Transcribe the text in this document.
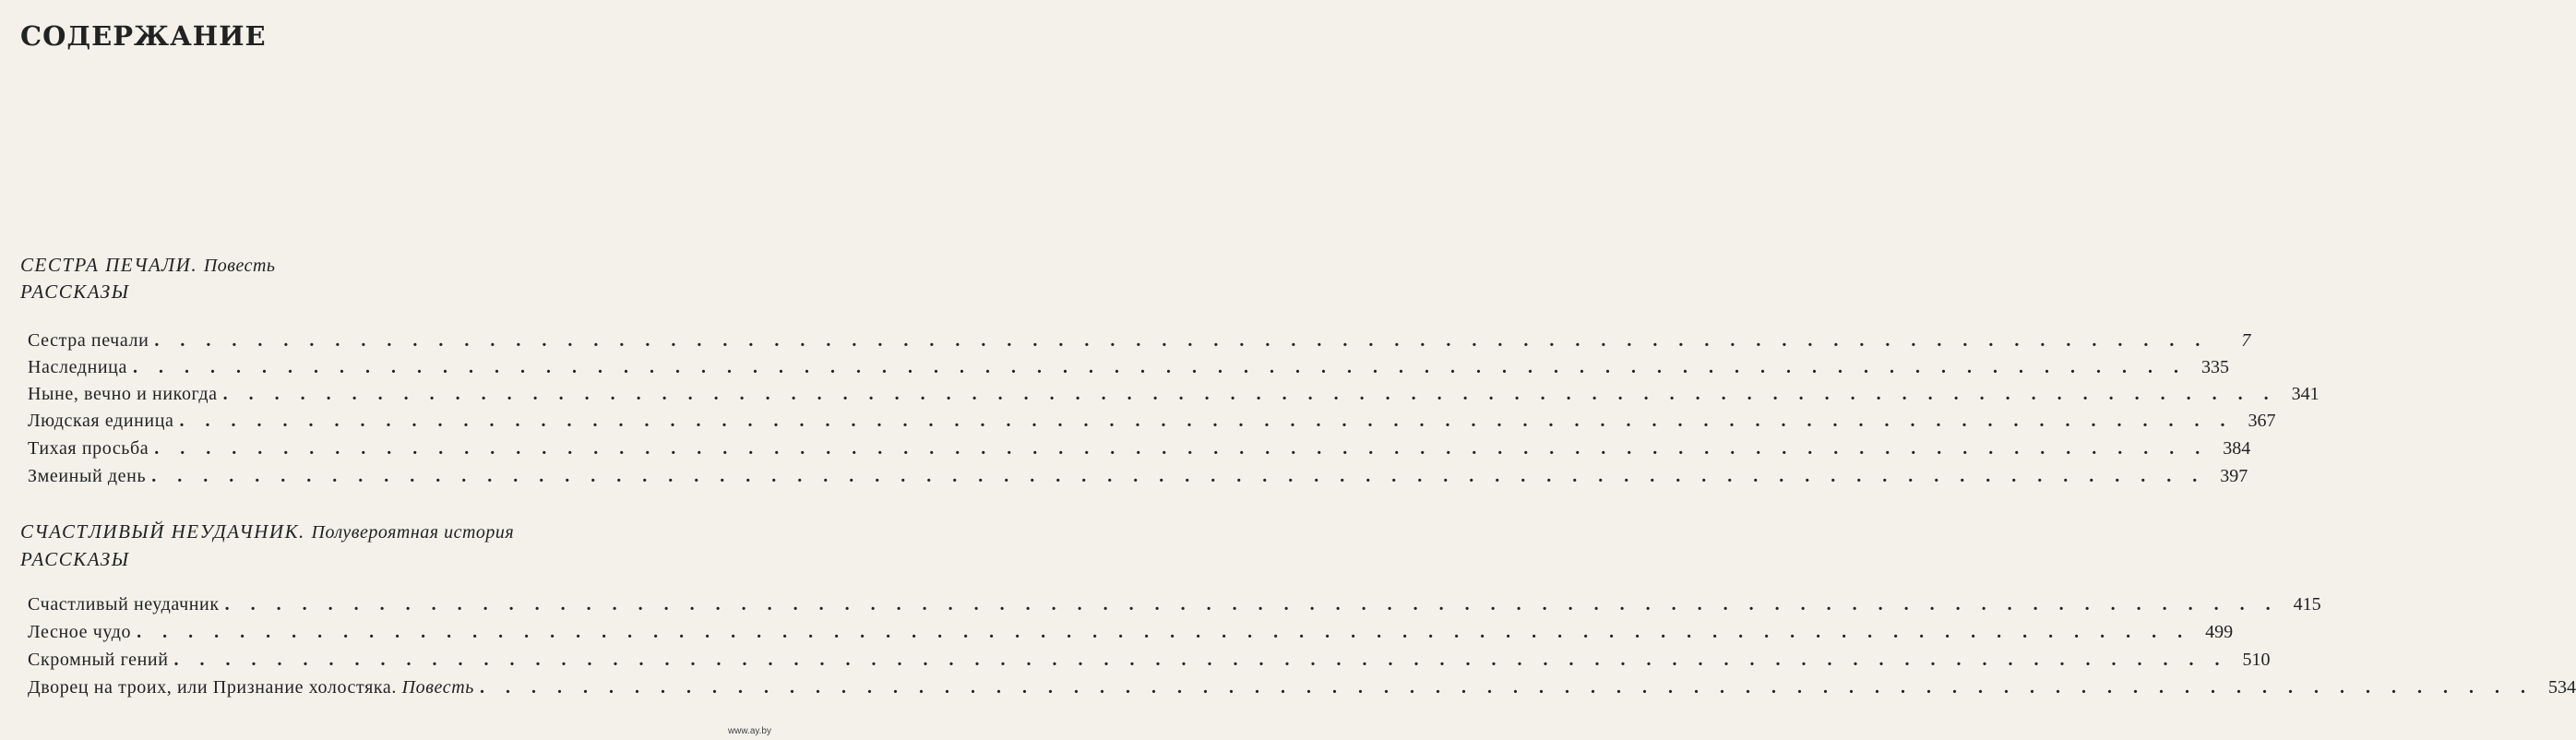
СОДЕРЖАНИЕ
СЕСТРА ПЕЧАЛИ. Повесть
РАССКАЗЫ
Сестра печали . . . . . . . . . . . . . . . . . . . . . . . . . . . . . . . . . . . . . . . . . . . . . . . . . . . . . . . . . . . . . . . . . . . . . . . . . . . . . . . .	7
Наследница . . . . . . . . . . . . . . . . . . . . . . . . . . . . . . . . . . . . . . . . . . . . . . . . . . . . . . . . . . . . . . . . . . . . . . . . . . . . . . . . 335
Ныне, вечно и никогда . . . . . . . . . . . . . . . . . . . . . . . . . . . . . . . . . . . . . . . . . . . . . . . . . . . . . . . . . . . . . . . . . . . . . . . . . . . . . . . . 341
Людская единица . . . . . . . . . . . . . . . . . . . . . . . . . . . . . . . . . . . . . . . . . . . . . . . . . . . . . . . . . . . . . . . . . . . . . . . . . . . . . . . . 367
Тихая просьба . . . . . . . . . . . . . . . . . . . . . . . . . . . . . . . . . . . . . . . . . . . . . . . . . . . . . . . . . . . . . . . . . . . . . . . . . . . . . . . . 384
Змеиный день . . . . . . . . . . . . . . . . . . . . . . . . . . . . . . . . . . . . . . . . . . . . . . . . . . . . . . . . . . . . . . . . . . . . . . . . . . . . . . . . 397
СЧАСТЛИВЫЙ НЕУДАЧНИК. Полувероятная история
РАССКАЗЫ
Счастливый неудачник . . . . . . . . . . . . . . . . . . . . . . . . . . . . . . . . . . . . . . . . . . . . . . . . . . . . . . . . . . . . . . . . . . . . . . . . . . . . . . . . 415
Лесное чудо . . . . . . . . . . . . . . . . . . . . . . . . . . . . . . . . . . . . . . . . . . . . . . . . . . . . . . . . . . . . . . . . . . . . . . . . . . . . . . . . 499
Скромный гений . . . . . . . . . . . . . . . . . . . . . . . . . . . . . . . . . . . . . . . . . . . . . . . . . . . . . . . . . . . . . . . . . . . . . . . . . . . . . . . . 510
Дворец на троих, или Признание холостяка. Повесть . . . . . . . . . . . . . . . . . . . . . . . . . . . . . . . . . . . . . . . . . . . . . . . . . . . . . . . . . . . . . . . . . . . . . . . . . . . . . . . . 534
www.ay.by
